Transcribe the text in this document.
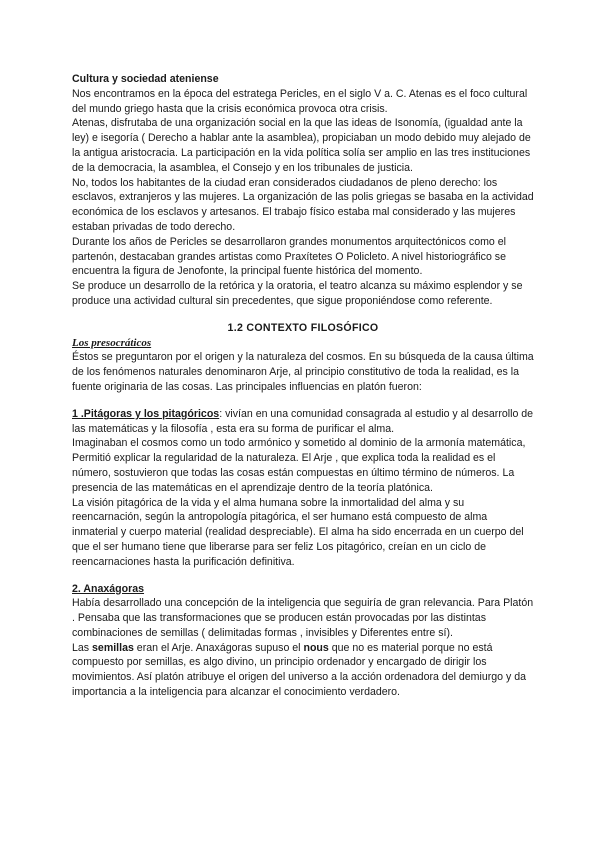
Cultura y sociedad ateniense

Nos encontramos en la época del estratega Pericles, en el siglo V a. C. Atenas es el foco cultural del mundo griego hasta que la crisis económica provoca otra crisis.

Atenas, disfrutaba de una organización social en la que las ideas de Isonomía, (igualdad ante la ley) e isegoría ( Derecho a hablar ante la asamblea), propiciaban un modo debido muy alejado de la antigua aristocracia. La participación en la vida política solía ser amplio en las tres instituciones de la democracia, la asamblea, el Consejo y en los tribunales de justicia.

No, todos los habitantes de la ciudad eran considerados ciudadanos de pleno derecho: los esclavos, extranjeros y las mujeres. La organización de las polis griegas se basaba en la actividad económica de los esclavos y artesanos. El trabajo físico estaba mal considerado y las mujeres estaban privadas de todo derecho.

Durante los años de Pericles se desarrollaron grandes monumentos arquitectónicos como el partenón, destacaban grandes artistas como Praxítetes O Policleto. A nivel historiográfico se encuentra la figura de Jenofonte, la principal fuente histórica del momento.

Se produce un desarrollo de la retórica y la oratoria, el teatro alcanza su máximo esplendor y se produce una actividad cultural sin precedentes, que sigue proponiéndose como referente.

1.2 CONTEXTO FILOSÓFICO

Los presocráticos

Éstos se preguntaron por el origen y la naturaleza del cosmos. En su búsqueda de la causa última de los fenómenos naturales denominaron Arje, al principio constitutivo de toda la realidad, es la fuente originaria de las cosas. Las principales influencias en platón fueron:

1 .Pitágoras y los pitagóricos: vivían en una comunidad consagrada al estudio y al desarrollo de las matemáticas y la filosofía , esta era su forma de purificar el alma.

Imaginaban el cosmos como un todo armónico y sometido al dominio de la armonía matemática, Permitió explicar la regularidad de la naturaleza. El Arje , que explica toda la realidad es el número, sostuvieron que todas las cosas están compuestas en último término de números. La presencia de las matemáticas en el aprendizaje dentro de la teoría platónica.

La visión pitagórica de la vida y el alma humana sobre la inmortalidad del alma y su reencarnación, según la antropología pitagórica, el ser humano está compuesto de alma inmaterial y cuerpo material (realidad despreciable). El alma ha sido encerrada en un cuerpo del que el ser humano tiene que liberarse para ser feliz Los pitagórico, creían en un ciclo de reencarnaciones hasta la purificación definitiva.

2. Anaxágoras

Había desarrollado una concepción de la inteligencia que seguiría de gran relevancia. Para Platón . Pensaba que las transformaciones que se producen están provocadas por las distintas combinaciones de semillas ( delimitadas formas , invisibles y Diferentes entre sí).

Las semillas eran el Arje. Anaxágoras supuso el nous que no es material porque no está compuesto por semillas, es algo divino, un principio ordenador y encargado de dirigir los movimientos. Así platón atribuye el origen del universo a la acción ordenadora del demiurgo y da importancia a la inteligencia para alcanzar el conocimiento verdadero.
